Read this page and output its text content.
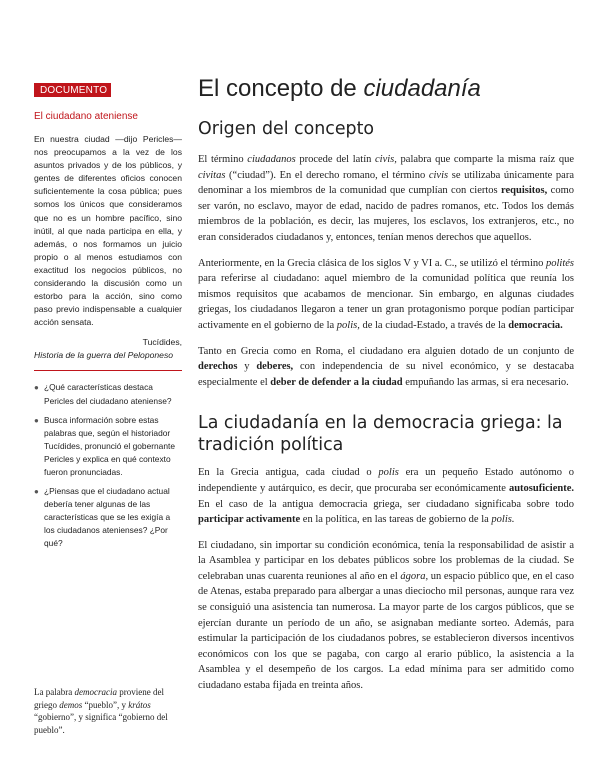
DOCUMENTO
El ciudadano ateniense
En nuestra ciudad —dijo Pericles— nos preocupamos a la vez de los asuntos privados y de los públicos, y gentes de diferentes oficios conocen suficientemente la cosa pública; pues somos los únicos que consideramos que no es un hombre pacífico, sino inútil, al que nada participa en ella, y además, o nos formamos un juicio propio o al menos estudiamos con exactitud los negocios públicos, no considerando la discusión como un estorbo para la acción, sino como paso previo indispensable a cualquier acción sensata.
Tucídides,
Historia de la guerra del Peloponeso
● ¿Qué características destaca Pericles del ciudadano ateniense?
● Busca información sobre estas palabras que, según el historiador Tucídides, pronunció el gobernante Pericles y explica en qué contexto fueron pronunciadas.
● ¿Piensas que el ciudadano actual debería tener algunas de las características que se les exigía a los ciudadanos atenienses? ¿Por qué?
La palabra democracia proviene del griego demos “pueblo”, y krátos “gobierno”, y significa “gobierno del pueblo”.
El concepto de ciudadanía
Origen del concepto

El término ciudadanos procede del latín civis, palabra que comparte la misma raíz que civitas (“ciudad”). En el derecho romano, el término civis se utilizaba únicamente para denominar a los miembros de la comunidad que cumplían con ciertos requisitos, como ser varón, no esclavo, mayor de edad, nacido de padres romanos, etc. Todos los demás miembros de la población, es decir, las mujeres, los esclavos, los extranjeros, etc., no eran considerados ciudadanos y, entonces, tenían menos derechos que aquellos.

Anteriormente, en la Grecia clásica de los siglos V y VI a. C., se utilizó el término polités para referirse al ciudadano: aquel miembro de la comunidad política que reunía los mismos requisitos que acabamos de mencionar. Sin embargo, en algunas ciudades griegas, los ciudadanos llegaron a tener un gran protagonismo porque podían participar activamente en el gobierno de la polis, de la ciudad-Estado, a través de la democracia.

Tanto en Grecia como en Roma, el ciudadano era alguien dotado de un conjunto de derechos y deberes, con independencia de su nivel económico, y se destacaba especialmente el deber de defender a la ciudad empuñando las armas, si era necesario.

La ciudadanía en la democracia griega: la tradición política

En la Grecia antigua, cada ciudad o polis era un pequeño Estado autónomo o independiente y autárquico, es decir, que procuraba ser económicamente autosuficiente. En el caso de la antigua democracia griega, ser ciudadano significaba sobre todo participar activamente en la política, en las tareas de gobierno de la polis.

El ciudadano, sin importar su condición económica, tenía la responsabilidad de asistir a la Asamblea y participar en los debates públicos sobre los problemas de la ciudad. Se celebraban unas cuarenta reuniones al año en el ágora, un espacio público que, en el caso de Atenas, estaba preparado para albergar a unas dieciocho mil personas, aunque rara vez se consiguió una asistencia tan numerosa. La mayor parte de los cargos públicos, que se ejercían durante un período de un año, se asignaban mediante sorteo. Además, para estimular la participación de los ciudadanos pobres, se establecieron diversos incentivos económicos con los que se pagaba, con cargo al erario público, la asistencia a la Asamblea y el desempeño de los cargos. La edad mínima para ser admitido como ciudadano estaba fijada en treinta años.
